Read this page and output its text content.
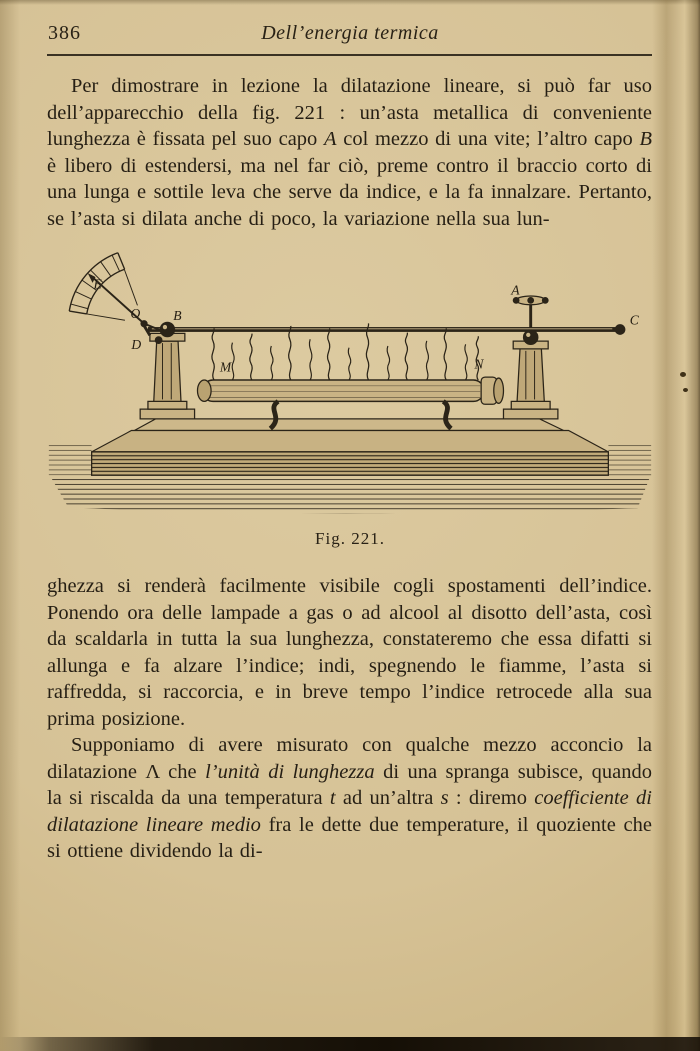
386	Dell’energia termica

Per dimostrare in lezione la dilatazione lineare, si può far uso dell’apparecchio della fig. 221 : un’asta metallica di conveniente lunghezza è fissata pel suo capo A col mezzo di una vite; l’altro capo B è libero di estendersi, ma nel far ciò, preme contro il braccio corto di una lunga e sottile leva che serve da indice, e la fa innalzare. Pertanto, se l’asta si dilata anche di poco, la variazione nella sua lun-

E
O B
D
M	N
A
C
Fig. 221.

ghezza si renderà facilmente visibile cogli spostamenti dell’indice. Ponendo ora delle lampade a gas o ad alcool al disotto dell’asta, così da scaldarla in tutta la sua lunghezza, constateremo che essa difatti si allunga e fa alzare l’indice; indi, spegnendo le fiamme, l’asta si raffredda, si raccorcia, e in breve tempo l’indice retrocede alla sua prima posizione.

Supponiamo di avere misurato con qualche mezzo acconcio la dilatazione Λ che l’unità di lunghezza di una spranga subisce, quando la si riscalda da una temperatura t ad un’altra s : diremo coefficiente di dilatazione lineare medio fra le dette due temperature, il quoziente che si ottiene dividendo la di-
